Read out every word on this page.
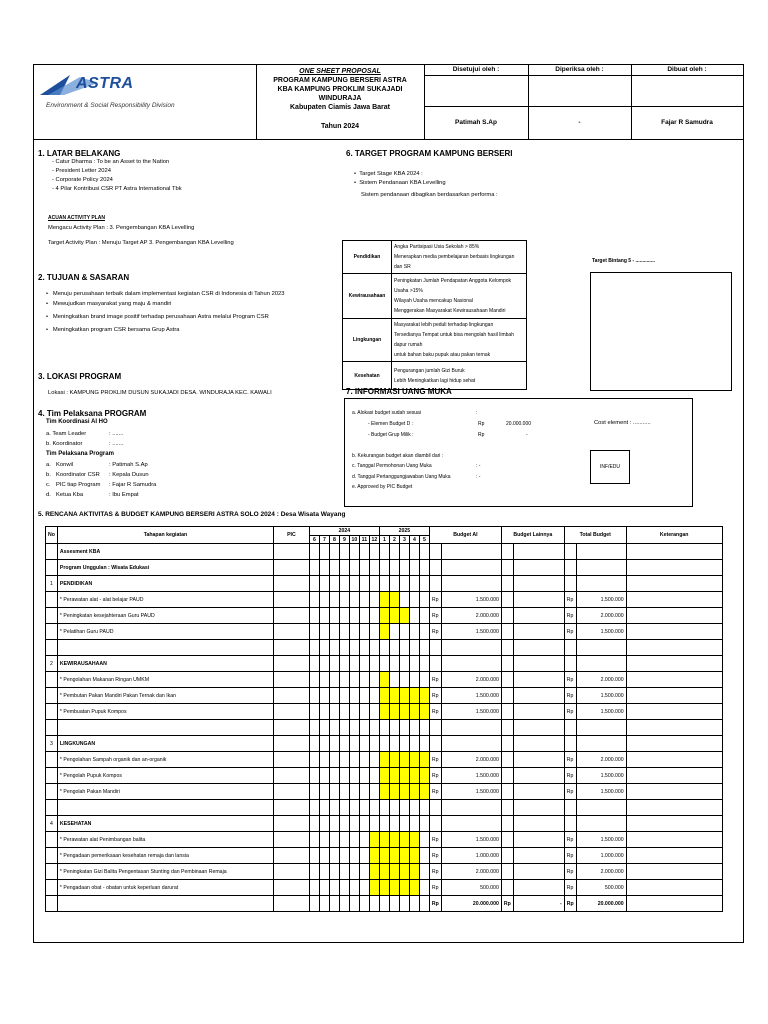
ASTRA
Environment & Social Responsibility Division
ONE SHEET PROPOSAL
PROGRAM KAMPUNG BERSERI ASTRA
KBA KAMPUNG PROKLIM SUKAJADI WINDURAJA
Kabupaten Ciamis Jawa Barat
Tahun 2024
Disetujui oleh :
Patimah S.Ap
Diperiksa oleh :
-
Dibuat oleh :
Fajar R Samudra
1. LATAR BELAKANG
- Catur Dharma : To be an Asset to the Nation
- President Letter 2024
- Corporate Policy 2024
- 4 Pilar Kontribusi CSR PT Astra International Tbk
ACUAN ACTIVITY PLAN
Mengacu Activity Plan : 3. Pengembangan KBA Levelling
Target Activity Plan : Menuju Target AP 3. Pengembangan KBA Levelling
2. TUJUAN & SASARAN
•   Menuju perusahaan terbaik dalam implementasi kegiatan CSR di Indonesia di Tahun 2023
•   Mewujudkan masyarakat yang maju & mandiri
•   Meningkatkan brand image positif terhadap perusahaan Astra melalui Program CSR
•   Meningkatkan program CSR bersama Grup Astra
3. LOKASI PROGRAM
Lokasi : KAMPUNG PROKLIM DUSUN SUKAJADI DESA. WINDURAJA KEC. KAWALI
4. Tim Pelaksana PROGRAM
Tim Koordinasi AI HO
a. Team Leader	: .......
b. Koordinator	: .......
Tim Pelaksana Program
a. Konwil	: Patimah S.Ap
b. Koordinator CSR : Kepala Dusun
c. PIC tiap Program : Fajar R Samudra
d. Ketua Kba	: Ibu Empat
6. TARGET PROGRAM KAMPUNG BERSERI
•  Target Stage KBA 2024 :
•  Sistem Pendanaan KBA Levelling
Sistem pendanaan dibagikan berdasarkan performa :
Target Bintang 5 - ..............
Pendidikan	Angka Partisipasi Usia Sekolah > 85%
Menerapkan media pembelajaran berbasis lingkungan dan SR

Kewirausahaan	Peningkatan Jumlah Pendapatan Anggota Kelompok Usaha >15%
Wilayah Usaha mencakup Nasional
Menggerakan Masyarakat Kewirausahaan Mandiri

Lingkungan	Masyarakat lebih peduli terhadap lingkungan
Tersedianya Tempat untuk bisa mengolah hasil limbah dapur rumah
untuk bahan baku pupuk atau pakan ternak

Kesehatan	Pengurangan jumlah Gizi Buruk
Lebih Meningkatkan lagi hidup sehat
7. INFORMASI UANG MUKA
a. Alokasi budget sudah sesuai	:
- Elemen Budget D :	Rp	20.000.000
- Budget Grup Milik :	Rp	-
b. Kekurangan budget akan diambil dari :
c. Tanggal Permohonan Uang Muka	: -
d. Tanggal Pertanggungjawaban Uang Muka	: -
e. Approved by PIC Budget
Cost element : ...........
INF/EDU
5. RENCANA AKTIVITAS & BUDGET KAMPUNG BERSERI ASTRA SOLO 2024 : Desa Wisata Wayang
No	Tahapan kegiatan	PIC	2024							2025					Budget AI		Budget Lainnya		Total Budget		Keterangan
			6	7	8	9	10	11	12	1	2	3	4	5							
	Assesment KBA																				
	Program Unggulan : Wisata Edukasi																				
1	PENDIDIKAN																				
	* Perawatan alat - alat belajar PAUD														Rp	1.500.000			Rp	1.500.000	
	* Peningkatan kesejahteraan Guru PAUD														Rp	2.000.000			Rp	2.000.000	
	* Pelatihan Guru PAUD														Rp	1.500.000			Rp	1.500.000	

2	KEWIRAUSAHAAN																				
	* Pengolahan Makanan Ringan UMKM														Rp	2.000.000			Rp	2.000.000	
	* Pembutan Pakan Mandiri Pakan Ternak dan Ikan														Rp	1.500.000			Rp	1.500.000	
	* Pembuatan Pupuk Kompos														Rp	1.500.000			Rp	1.500.000	

3	LINGKUNGAN																				
	* Pengolahan Sampah organik dan an-organik														Rp	2.000.000			Rp	2.000.000	
	* Pengolah Pupuk Kompos														Rp	1.500.000			Rp	1.500.000	
	* Pengolah Pakan Mandiri														Rp	1.500.000			Rp	1.500.000	

4	KESEHATAN																				
	* Perawatan alat Penimbangan balita														Rp	1.500.000			Rp	1.500.000	
	* Pengadaan pemeriksaan kesehatan remaja dan lansia														Rp	1.000.000			Rp	1.000.000	
	* Peningkatan Gizi Balita Pengentasan Stunting dan Pembinaan Remaja														Rp	2.000.000			Rp	2.000.000	
	* Pengadaan obat - obatan untuk keperluan darurat														Rp	500.000			Rp	500.000	
															Rp	20.000.000	Rp	-	Rp	20.000.000	
